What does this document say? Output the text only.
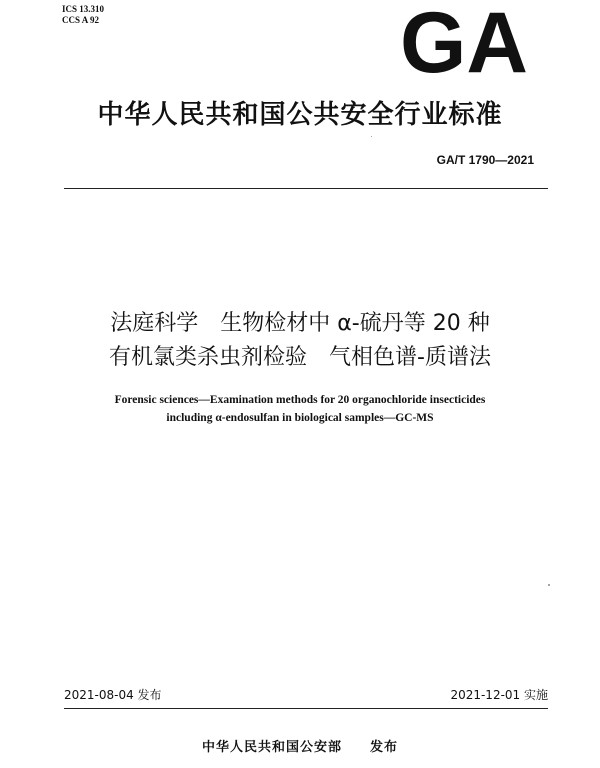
ICS 13.310
CCS A 92	GA
中华人民共和国公共安全行业标准
GA/T 1790—2021
法庭科学　生物检材中 α-硫丹等 20 种
有机氯类杀虫剂检验　气相色谱-质谱法
Forensic sciences—Examination methods for 20 organochloride insecticides
including α-endosulfan in biological samples—GC-MS
2021-08-04 发布	2021-12-01 实施
中华人民共和国公安部　　发布
